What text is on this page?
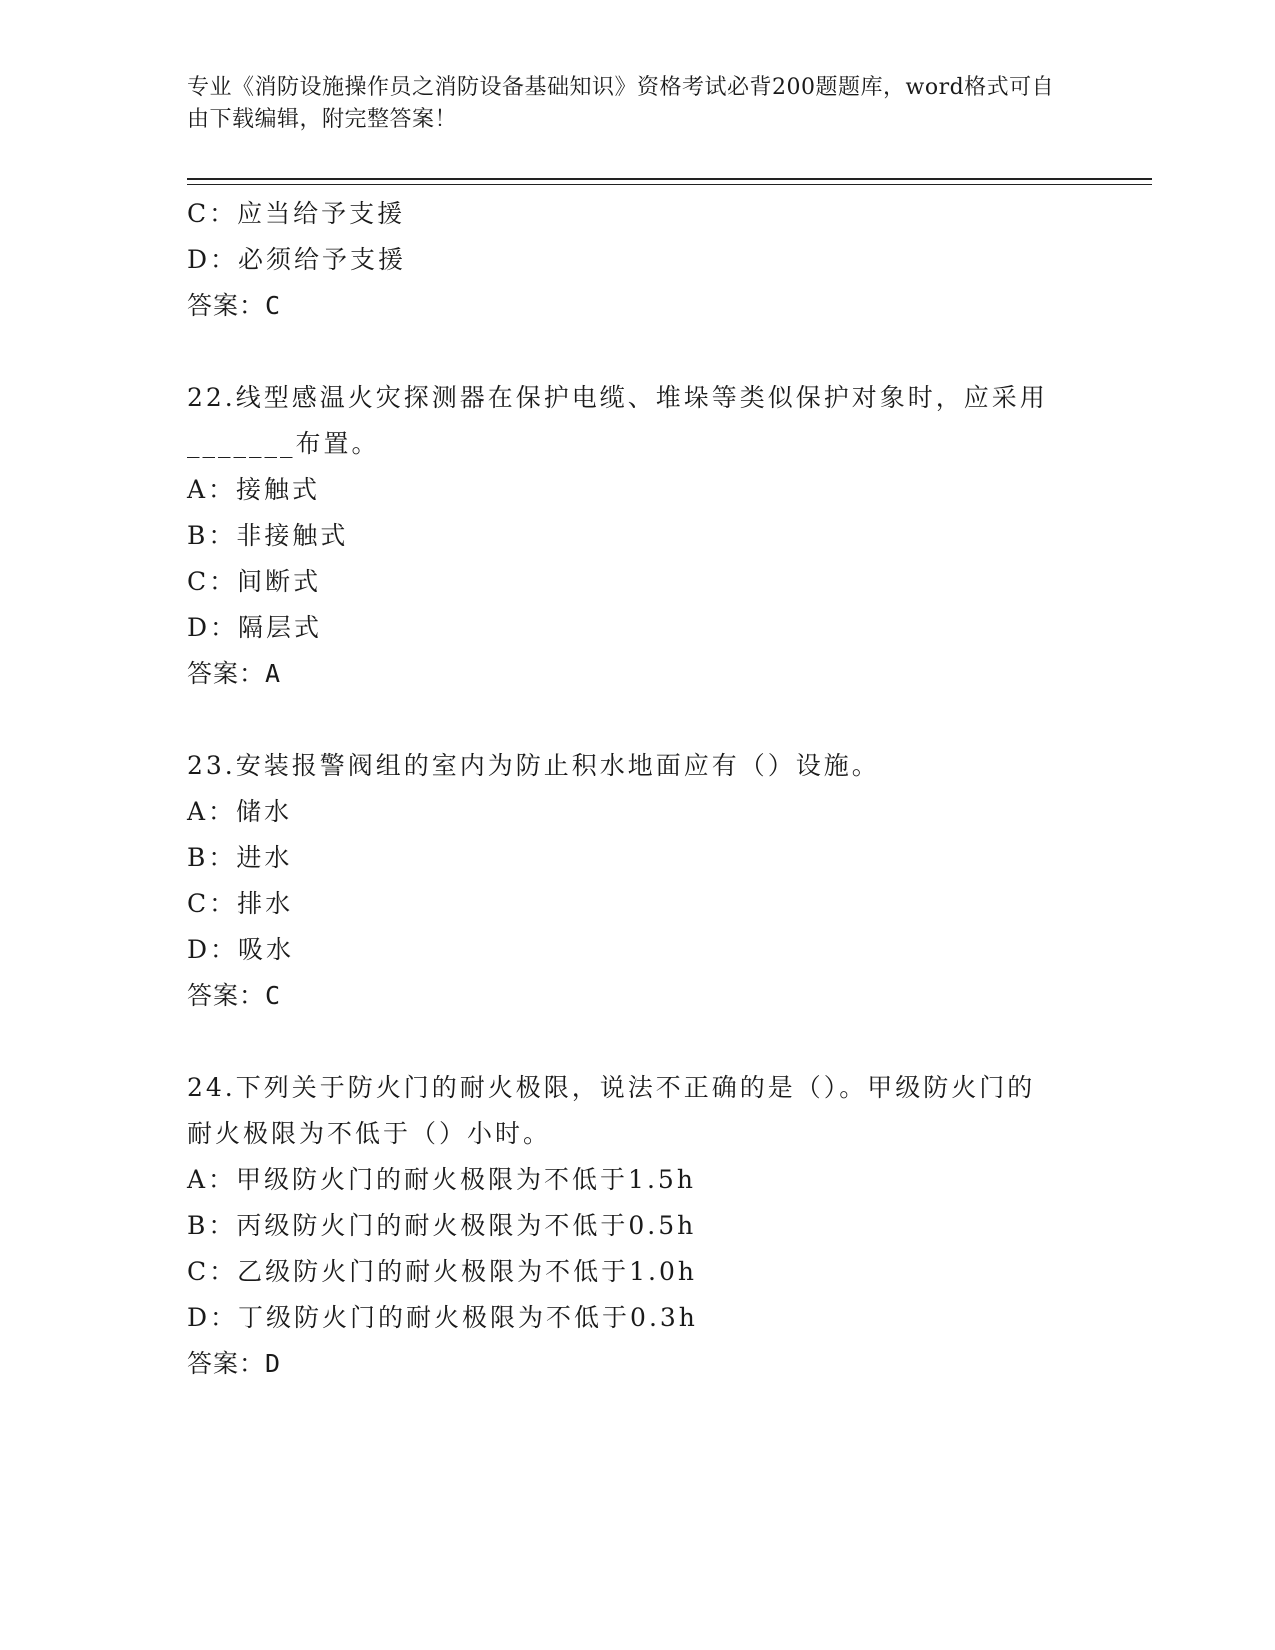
专业《消防设施操作员之消防设备基础知识》资格考试必背200题题库，word格式可自由下载编辑，附完整答案！
C：应当给予支援
D：必须给予支援
答案：C
22.线型感温火灾探测器在保护电缆、堆垛等类似保护对象时，应采用
_______布置。
A：接触式
B：非接触式
C：间断式
D：隔层式
答案：A
23.安装报警阀组的室内为防止积水地面应有（）设施。
A：储水
B：进水
C：排水
D：吸水
答案：C
24.下列关于防火门的耐火极限，说法不正确的是（）。甲级防火门的
耐火极限为不低于（）小时。
A：甲级防火门的耐火极限为不低于1.5h
B：丙级防火门的耐火极限为不低于0.5h
C：乙级防火门的耐火极限为不低于1.0h
D：丁级防火门的耐火极限为不低于0.3h
答案：D
